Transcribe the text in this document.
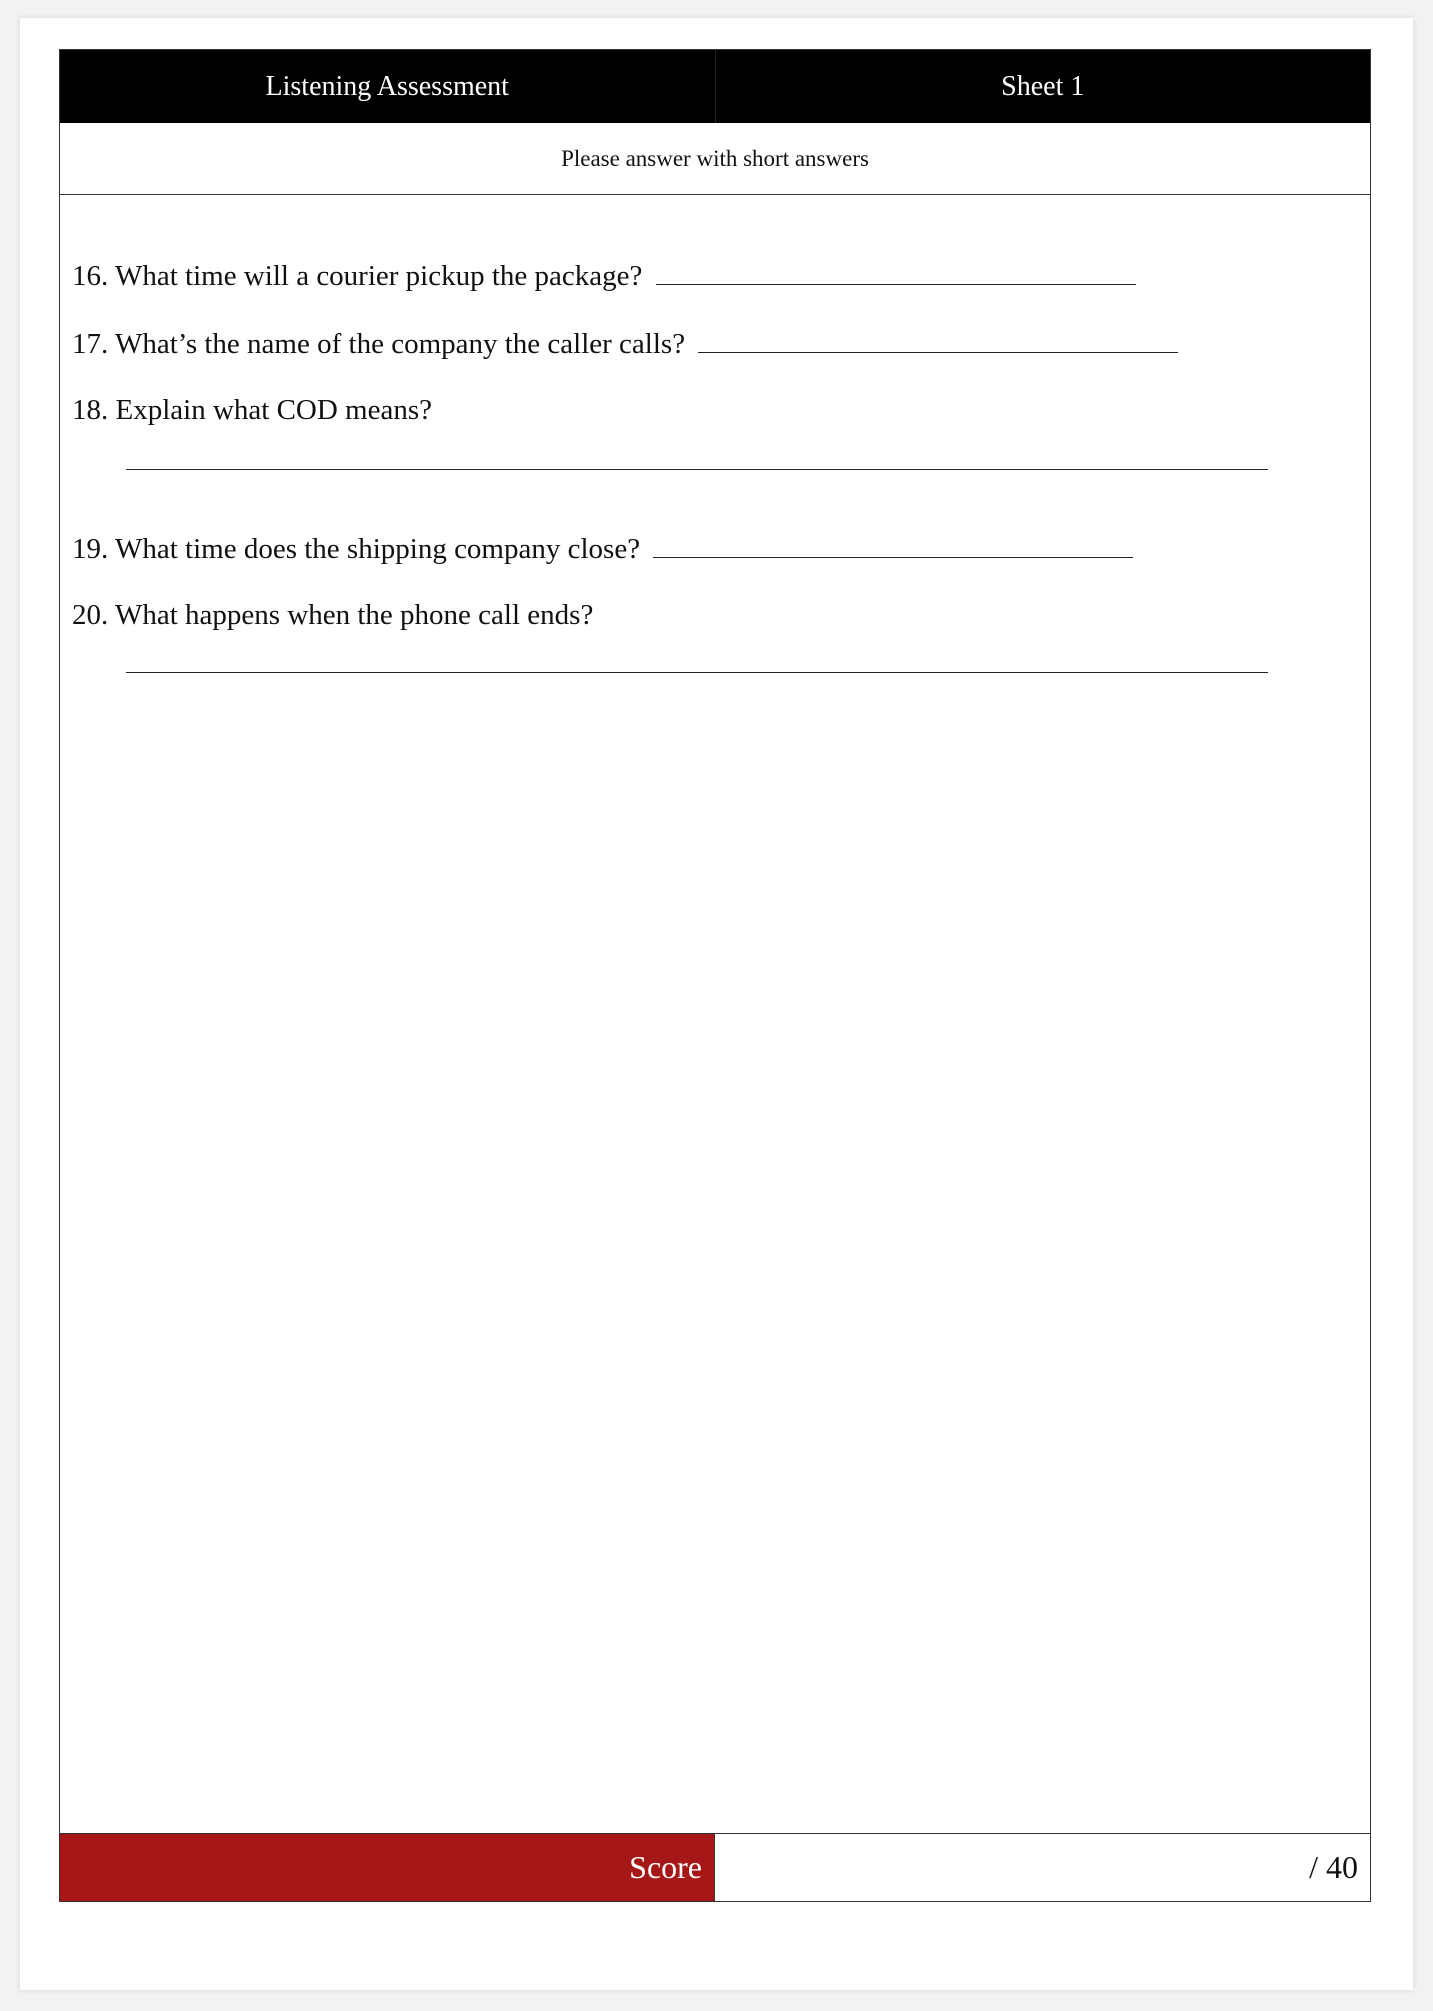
Listening Assessment	Sheet 1
Please answer with short answers
16. What time will a courier pickup the package?
17. What’s the name of the company the caller calls?
18. Explain what COD means?
19. What time does the shipping company close?
20. What happens when the phone call ends?
Score	/ 40
